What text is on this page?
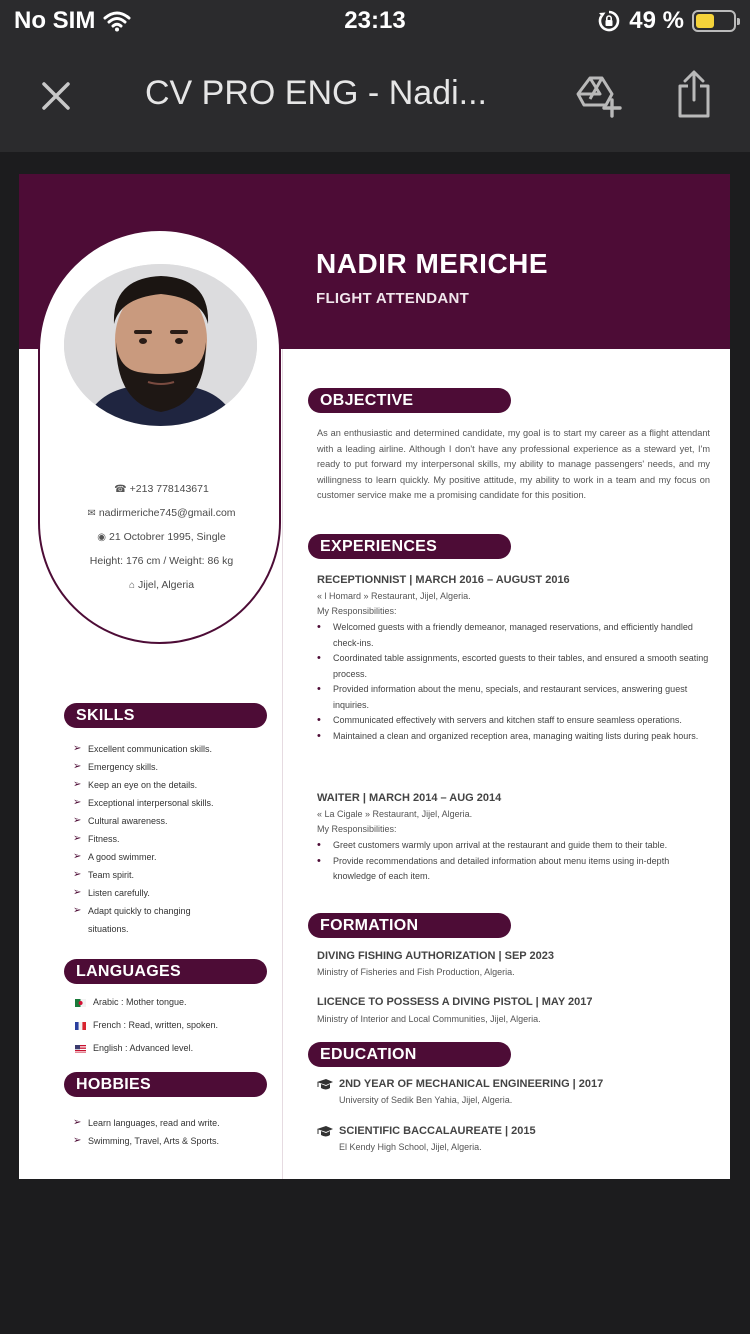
No SIM	23:13	49 %
CV PRO ENG - Nadi...
NADIR MERICHE
FLIGHT ATTENDANT
☎ +213 778143671
✉ nadirmeriche745@gmail.com
◉ 21 Octobrer 1995, Single
Height: 176 cm / Weight: 86 kg
⌂ Jijel, Algeria
SKILLS
➢ Excellent communication skills.
➢ Emergency skills.
➢ Keep an eye on the details.
➢ Exceptional interpersonal skills.
➢ Cultural awareness.
➢ Fitness.
➢ A good swimmer.
➢ Team spirit.
➢ Listen carefully.
➢ Adapt quickly to changing situations.
LANGUAGES
Arabic : Mother tongue.
French : Read, written, spoken.
English : Advanced level.
HOBBIES
➢ Learn languages, read and write.
➢ Swimming, Travel, Arts & Sports.
OBJECTIVE
As an enthusiastic and determined candidate, my goal is to start my career as a flight attendant with a leading airline. Although I don't have any professional experience as a steward yet, I'm ready to put forward my interpersonal skills, my ability to manage passengers' needs, and my willingness to learn quickly. My positive attitude, my ability to work in a team and my focus on customer service make me a promising candidate for this position.
EXPERIENCES
RECEPTIONNIST | MARCH 2016 – AUGUST 2016
« l Homard » Restaurant, Jijel, Algeria.
My Responsibilities:
• Welcomed guests with a friendly demeanor, managed reservations, and efficiently handled check-ins.
• Coordinated table assignments, escorted guests to their tables, and ensured a smooth seating process.
• Provided information about the menu, specials, and restaurant services, answering guest inquiries.
• Communicated effectively with servers and kitchen staff to ensure seamless operations.
• Maintained a clean and organized reception area, managing waiting lists during peak hours.
WAITER | MARCH 2014 – AUG 2014
« La Cigale » Restaurant, Jijel, Algeria.
My Responsibilities:
• Greet customers warmly upon arrival at the restaurant and guide them to their table.
• Provide recommendations and detailed information about menu items using in-depth knowledge of each item.
FORMATION
DIVING FISHING AUTHORIZATION | SEP 2023
Ministry of Fisheries and Fish Production, Algeria.
LICENCE TO POSSESS A DIVING PISTOL | MAY 2017
Ministry of Interior and Local Communities, Jijel, Algeria.
EDUCATION
2ND YEAR OF MECHANICAL ENGINEERING | 2017
University of Sedik Ben Yahia, Jijel, Algeria.
SCIENTIFIC BACCALAUREATE | 2015
El Kendy High School, Jijel, Algeria.
